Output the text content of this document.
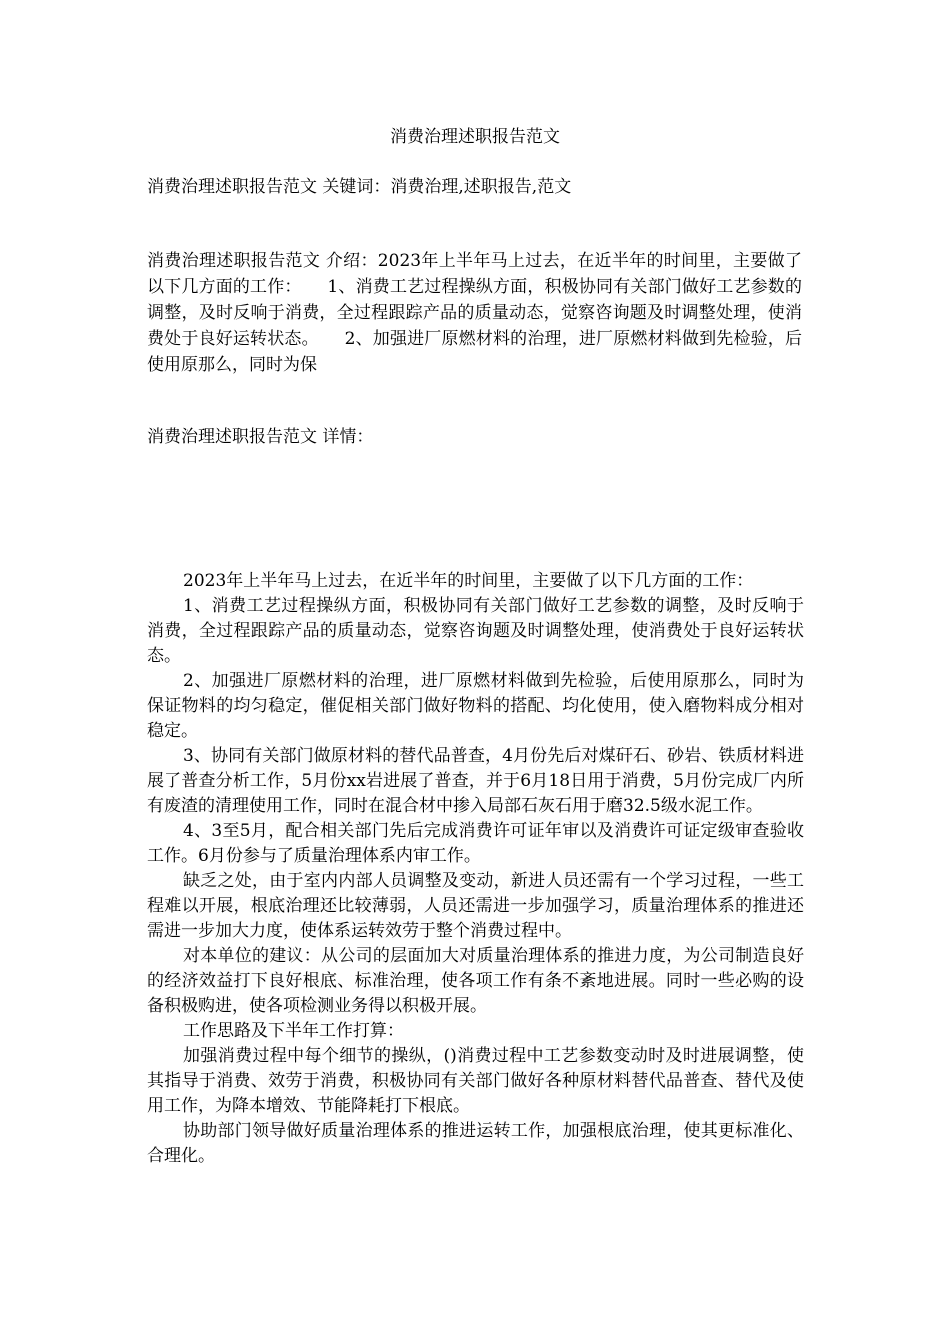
消费治理述职报告范文

消费治理述职报告范文 关键词：消费治理,述职报告,范文

消费治理述职报告范文 介绍：2023年上半年马上过去，在近半年的时间里，主要做了以下几方面的工作：　　1、消费工艺过程操纵方面，积极协同有关部门做好工艺参数的调整，及时反响于消费，全过程跟踪产品的质量动态，觉察咨询题及时调整处理，使消费处于良好运转状态。　　2、加强进厂原燃材料的治理，进厂原燃材料做到先检验，后使用原那么，同时为保

消费治理述职报告范文 详情：

2023年上半年马上过去，在近半年的时间里，主要做了以下几方面的工作：

1、消费工艺过程操纵方面，积极协同有关部门做好工艺参数的调整，及时反响于消费，全过程跟踪产品的质量动态，觉察咨询题及时调整处理，使消费处于良好运转状态。

2、加强进厂原燃材料的治理，进厂原燃材料做到先检验，后使用原那么，同时为保证物料的均匀稳定，催促相关部门做好物料的搭配、均化使用，使入磨物料成分相对稳定。

3、协同有关部门做原材料的替代品普查，4月份先后对煤矸石、砂岩、铁质材料进展了普查分析工作，5月份xx岩进展了普查，并于6月18日用于消费，5月份完成厂内所有废渣的清理使用工作，同时在混合材中掺入局部石灰石用于磨32.5级水泥工作。

4、3至5月，配合相关部门先后完成消费许可证年审以及消费许可证定级审查验收工作。6月份参与了质量治理体系内审工作。

缺乏之处，由于室内内部人员调整及变动，新进人员还需有一个学习过程，一些工程难以开展，根底治理还比较薄弱，人员还需进一步加强学习，质量治理体系的推进还需进一步加大力度，使体系运转效劳于整个消费过程中。

对本单位的建议：从公司的层面加大对质量治理体系的推进力度，为公司制造良好的经济效益打下良好根底、标准治理，使各项工作有条不紊地进展。同时一些必购的设备积极购进，使各项检测业务得以积极开展。

工作思路及下半年工作打算：

加强消费过程中每个细节的操纵，()消费过程中工艺参数变动时及时进展调整，使其指导于消费、效劳于消费，积极协同有关部门做好各种原材料替代品普查、替代及使用工作，为降本增效、节能降耗打下根底。

协助部门领导做好质量治理体系的推进运转工作，加强根底治理，使其更标准化、合理化。
